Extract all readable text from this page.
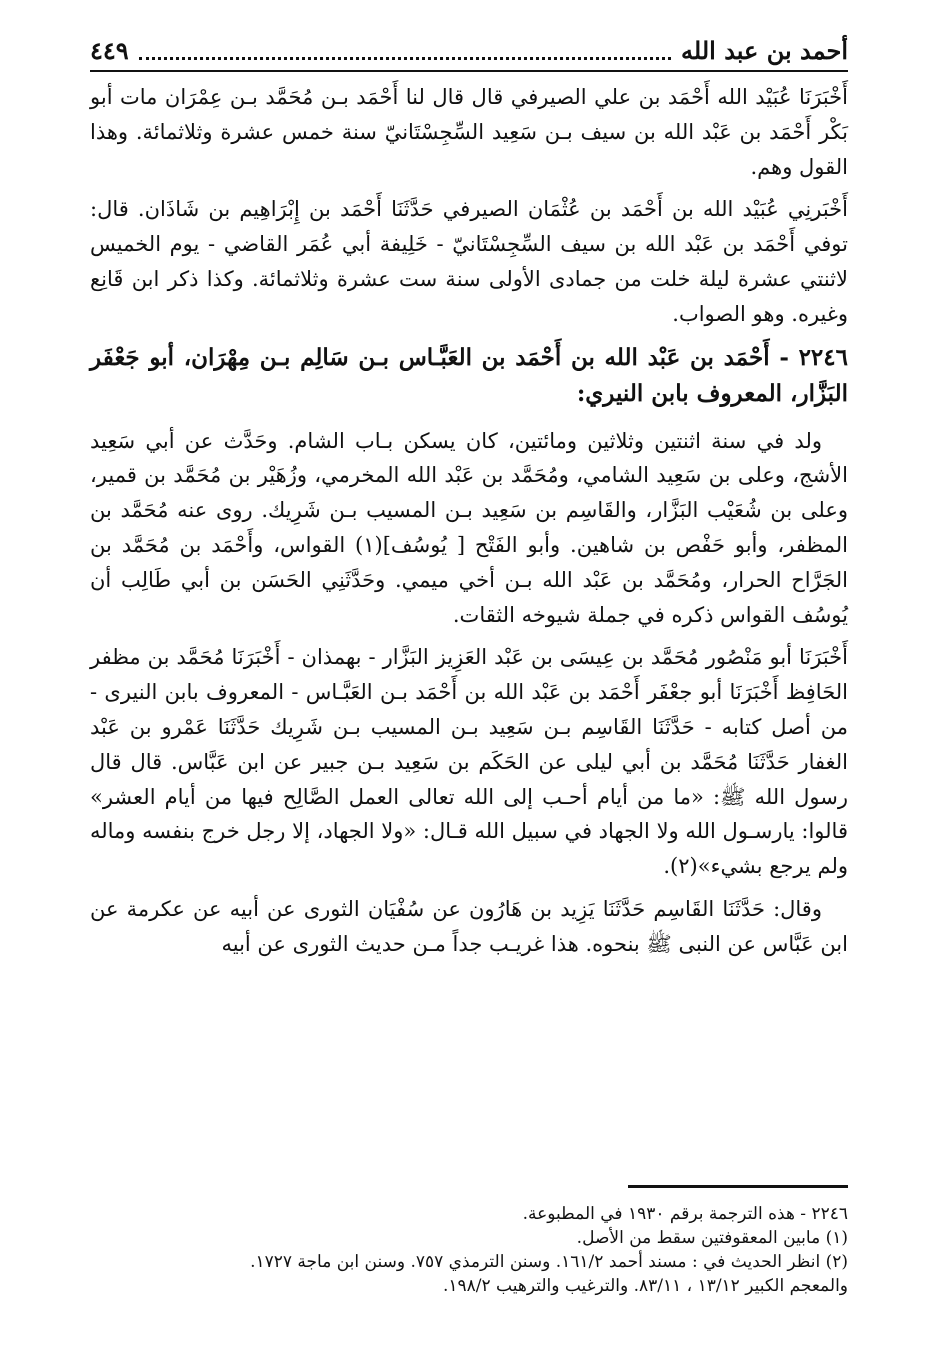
أحمد بن عبد الله
٤٤٩

أَخْبَرَنَا عُبَيْد الله أَحْمَد بن علي الصيرفي قال قال لنا أَحْمَد بـن مُحَمَّد بـن عِمْرَان مات أبو بَكْر أَحْمَد بن عَبْد الله بن سيف بـن سَعِيد السِّجِسْتَانيّ سنة خمس عشرة وثلاثمائة. وهذا القول وهم.

أَخْبَرنِي عُبَيْد الله بن أَحْمَد بن عُثْمَان الصيرفي حَدَّثَنَا أَحْمَد بن إِبْرَاهِيم بن شَاذَان. قال: توفي أَحْمَد بن عَبْد الله بن سيف السِّجِسْتَانيّ - خَلِيفة أبي عُمَر القاضي - يوم الخميس لاثنتي عشرة ليلة خلت من جمادى الأولى سنة ست عشرة وثلاثمائة. وكذا ذكر ابن قَانِع وغيره. وهو الصواب.

٢٢٤٦ - أَحْمَد بن عَبْد الله بن أَحْمَد بن العَبَّـاس بـن سَالِم بـن مِهْرَان، أبو جَعْفَر البَزَّار، المعروف بابن النيري:

ولد في سنة اثنتين وثلاثين ومائتين، كان يسكن بـاب الشام. وحَدَّث عن أبي سَعِيد الأشج، وعلى بن سَعِيد الشامي، ومُحَمَّد بن عَبْد الله المخرمي، وزُهَيْر بن مُحَمَّد بن قمير، وعلى بن شُعَيْب البَزَّار، والقَاسِم بن سَعِيد بـن المسيب بـن شَرِيك. روى عنه مُحَمَّد بن المظفر، وأبو حَفْص بن شاهين. وأبو الفَتْح [ يُوسُف](١) القواس، وأَحْمَد بن مُحَمَّد بن الجَرَّاح الحرار، ومُحَمَّد بن عَبْد الله بـن أخي ميمي. وحَدَّثَنِي الحَسَن بن أبي طَالِب أن يُوسُف القواس ذكره في جملة شيوخه الثقات.

أَخْبَرَنَا أبو مَنْصُور مُحَمَّد بن عِيسَى بن عَبْد العَزِيز البَزَّار - بهمذان - أَخْبَرَنَا مُحَمَّد بن مظفر الحَافِظ أَخْبَرَنَا أبو جعْفَر أَحْمَد بن عَبْد الله بن أَحْمَد بـن العَبَّـاس - المعروف بابن النيرى - من أصل كتابه - حَدَّثَنَا القَاسِم بـن سَعِيد بـن المسيب بـن شَرِيك حَدَّثَنَا عَمْرو بن عَبْد الغفار حَدَّثَنَا مُحَمَّد بن أبي ليلى عن الحَكَم بن سَعِيد بـن جبير عن ابن عَبَّاس. قال قال رسول الله ﷺ: «ما من أيام أحـب إلى الله تعالى العمل الصَّالِح فيها من أيام العشر» قالوا: يارسـول الله ولا الجهاد في سبيل الله قـال: «ولا الجهاد، إلا رجل خرج بنفسه وماله ولم يرجع بشيء»(٢).

وقال: حَدَّثَنَا القَاسِم حَدَّثَنَا يَزِيد بن هَارُون عن سُفْيَان الثورى عن أبيه عن عكرمة عن ابن عَبَّاس عن النبى ﷺ بنحوه. هذا غريـب جداً مـن حديث الثورى عن أبيه

٢٢٤٦ - هذه الترجمة برقم ١٩٣٠ في المطبوعة.

(١) مابين المعقوفتين سقط من الأصل.

(٢) انظر الحديث في : مسند أحمد ١٦١/٢. وسنن الترمذي ٧٥٧. وسنن ابن ماجة ١٧٢٧.

والمعجم الكبير ١٣/١٢ ، ٨٣/١١. والترغيب والترهيب ١٩٨/٢.
